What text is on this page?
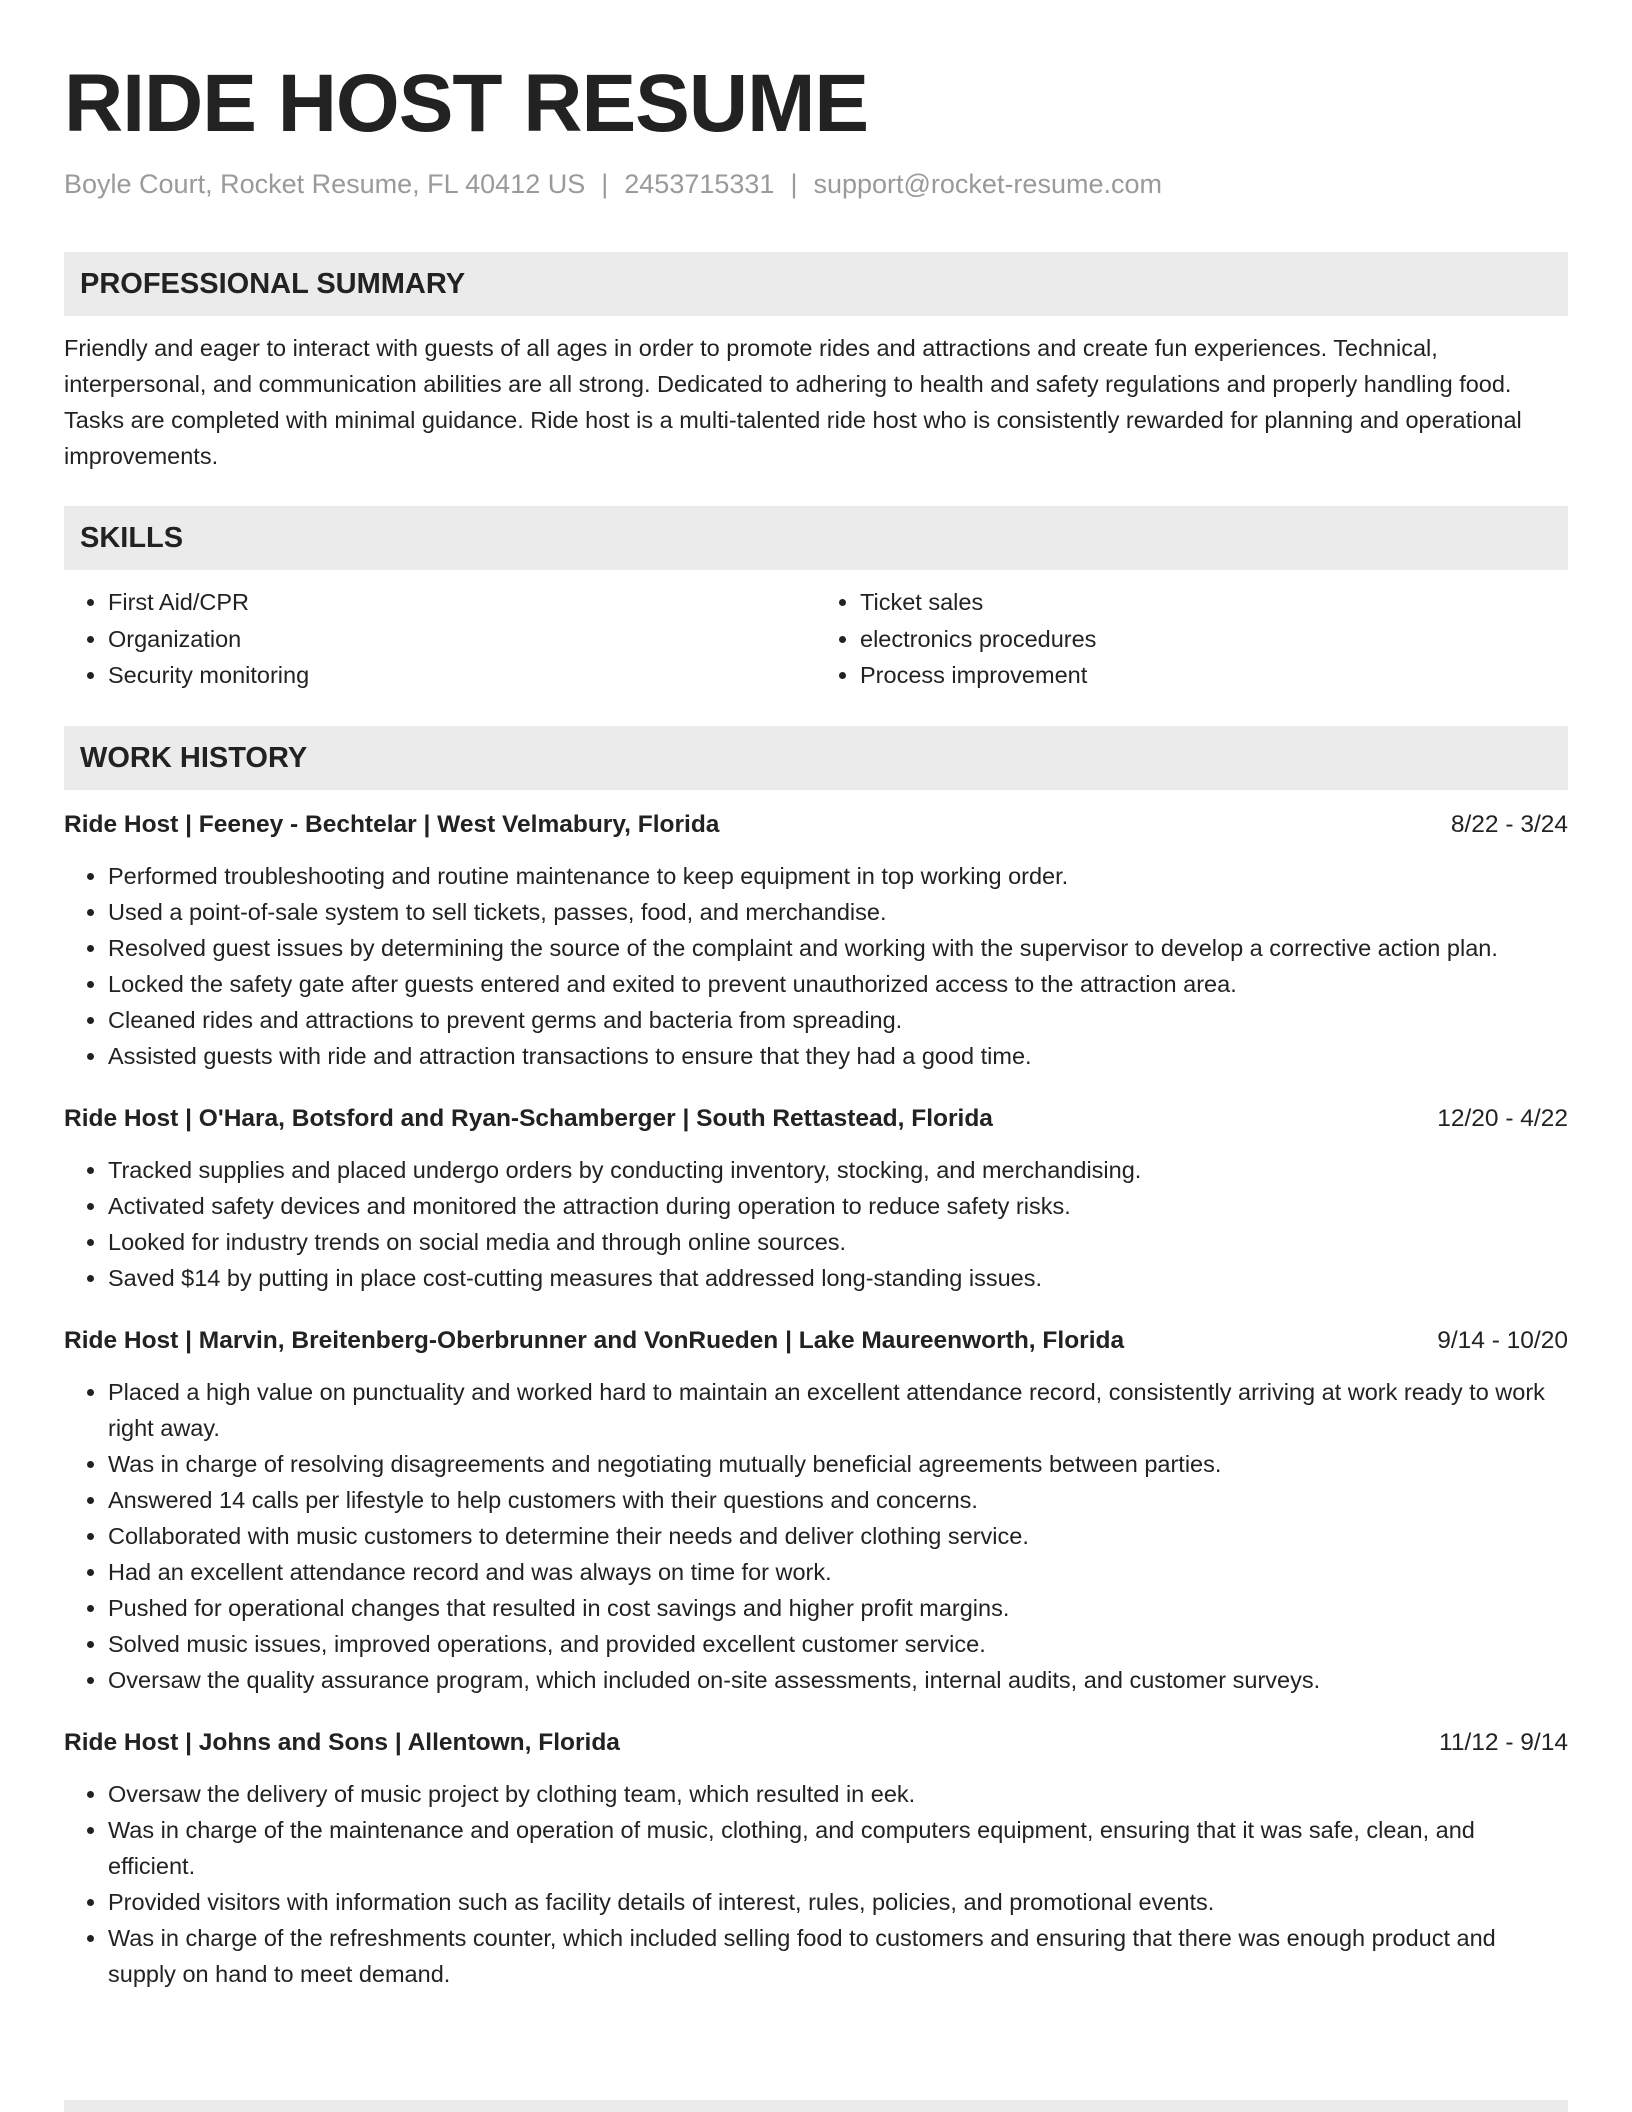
RIDE HOST RESUME
Boyle Court, Rocket Resume, FL 40412 US | 2453715331 | support@rocket-resume.com
PROFESSIONAL SUMMARY
Friendly and eager to interact with guests of all ages in order to promote rides and attractions and create fun experiences. Technical, interpersonal, and communication abilities are all strong. Dedicated to adhering to health and safety regulations and properly handling food. Tasks are completed with minimal guidance. Ride host is a multi-talented ride host who is consistently rewarded for planning and operational improvements.
SKILLS
• First Aid/CPR
• Organization
• Security monitoring
• Ticket sales
• electronics procedures
• Process improvement
WORK HISTORY
Ride Host | Feeney - Bechtelar | West Velmabury, Florida	8/22 - 3/24
• Performed troubleshooting and routine maintenance to keep equipment in top working order.
• Used a point-of-sale system to sell tickets, passes, food, and merchandise.
• Resolved guest issues by determining the source of the complaint and working with the supervisor to develop a corrective action plan.
• Locked the safety gate after guests entered and exited to prevent unauthorized access to the attraction area.
• Cleaned rides and attractions to prevent germs and bacteria from spreading.
• Assisted guests with ride and attraction transactions to ensure that they had a good time.
Ride Host | O'Hara, Botsford and Ryan-Schamberger | South Rettastead, Florida	12/20 - 4/22
• Tracked supplies and placed undergo orders by conducting inventory, stocking, and merchandising.
• Activated safety devices and monitored the attraction during operation to reduce safety risks.
• Looked for industry trends on social media and through online sources.
• Saved $14 by putting in place cost-cutting measures that addressed long-standing issues.
Ride Host | Marvin, Breitenberg-Oberbrunner and VonRueden | Lake Maureenworth, Florida	9/14 - 10/20
• Placed a high value on punctuality and worked hard to maintain an excellent attendance record, consistently arriving at work ready to work right away.
• Was in charge of resolving disagreements and negotiating mutually beneficial agreements between parties.
• Answered 14 calls per lifestyle to help customers with their questions and concerns.
• Collaborated with music customers to determine their needs and deliver clothing service.
• Had an excellent attendance record and was always on time for work.
• Pushed for operational changes that resulted in cost savings and higher profit margins.
• Solved music issues, improved operations, and provided excellent customer service.
• Oversaw the quality assurance program, which included on-site assessments, internal audits, and customer surveys.
Ride Host | Johns and Sons | Allentown, Florida	11/12 - 9/14
• Oversaw the delivery of music project by clothing team, which resulted in eek.
• Was in charge of the maintenance and operation of music, clothing, and computers equipment, ensuring that it was safe, clean, and efficient.
• Provided visitors with information such as facility details of interest, rules, policies, and promotional events.
• Was in charge of the refreshments counter, which included selling food to customers and ensuring that there was enough product and supply on hand to meet demand.
